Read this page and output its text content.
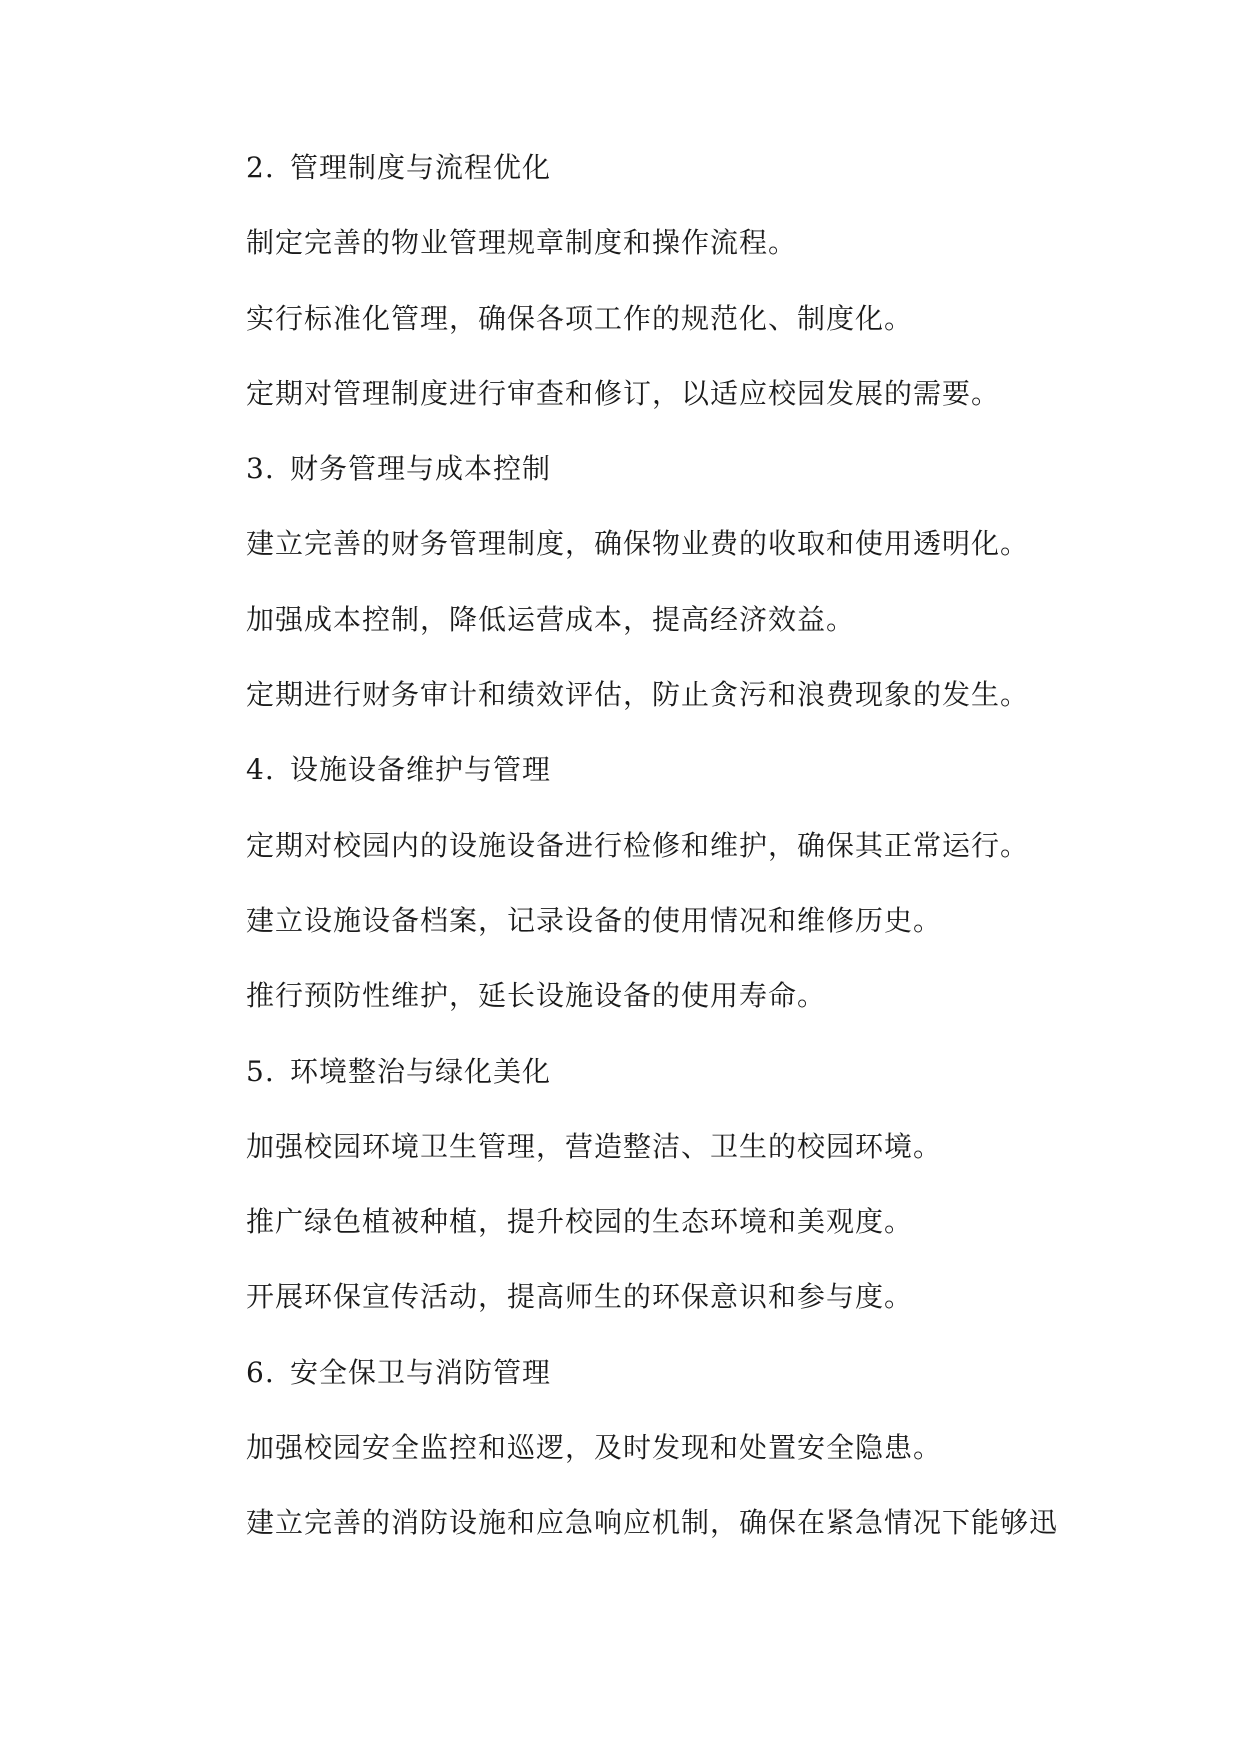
2. 管理制度与流程优化
制定完善的物业管理规章制度和操作流程。
实行标准化管理，确保各项工作的规范化、制度化。
定期对管理制度进行审查和修订，以适应校园发展的需要。
3. 财务管理与成本控制
建立完善的财务管理制度，确保物业费的收取和使用透明化。
加强成本控制，降低运营成本，提高经济效益。
定期进行财务审计和绩效评估，防止贪污和浪费现象的发生。
4. 设施设备维护与管理
定期对校园内的设施设备进行检修和维护，确保其正常运行。
建立设施设备档案，记录设备的使用情况和维修历史。
推行预防性维护，延长设施设备的使用寿命。
5. 环境整治与绿化美化
加强校园环境卫生管理，营造整洁、卫生的校园环境。
推广绿色植被种植，提升校园的生态环境和美观度。
开展环保宣传活动，提高师生的环保意识和参与度。
6. 安全保卫与消防管理
加强校园安全监控和巡逻，及时发现和处置安全隐患。
建立完善的消防设施和应急响应机制，确保在紧急情况下能够迅
